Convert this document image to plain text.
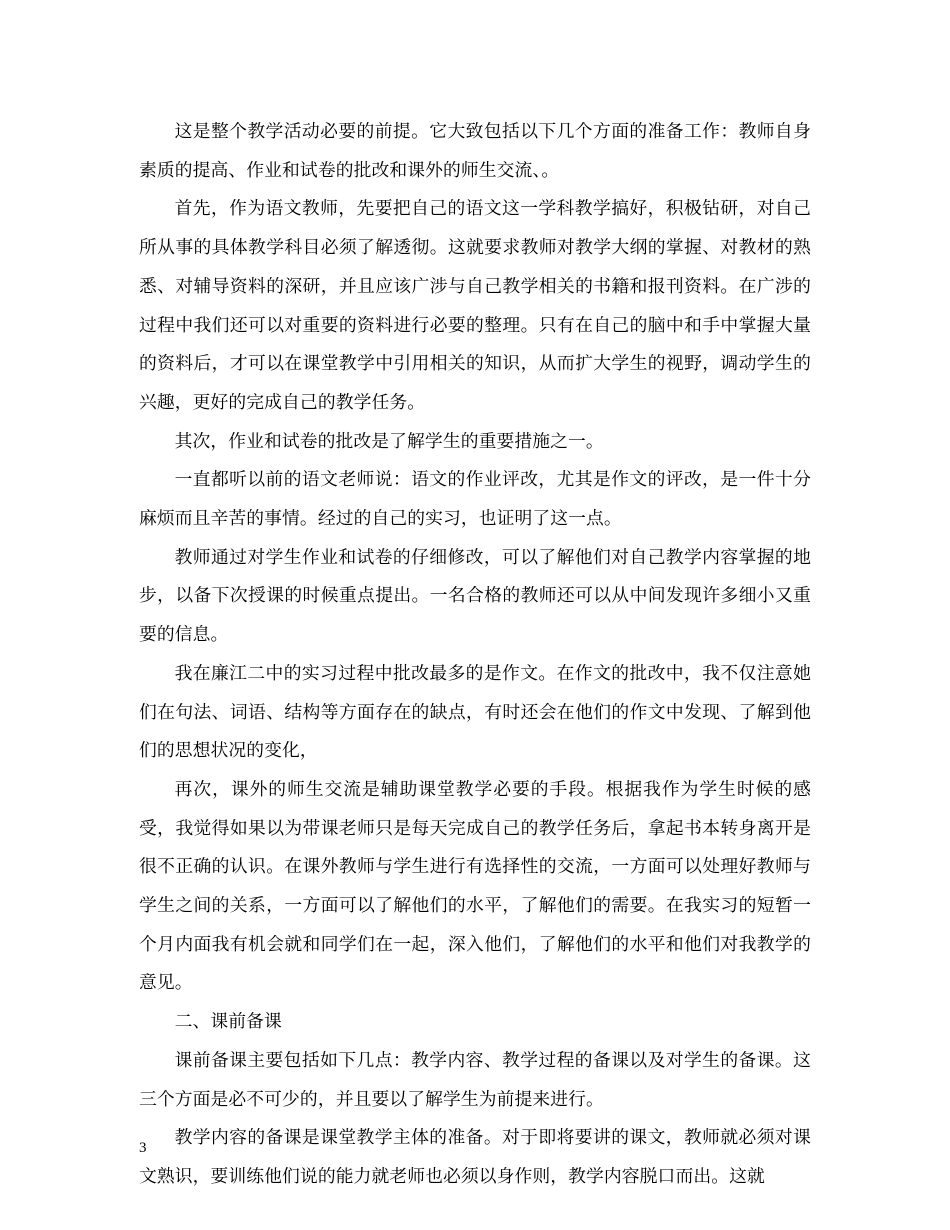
这是整个教学活动必要的前提。它大致包括以下几个方面的准备工作：教师自身素质的提高、作业和试卷的批改和课外的师生交流、。

首先，作为语文教师，先要把自己的语文这一学科教学搞好，积极钻研，对自己所从事的具体教学科目必须了解透彻。这就要求教师对教学大纲的掌握、对教材的熟悉、对辅导资料的深研，并且应该广涉与自己教学相关的书籍和报刊资料。在广涉的过程中我们还可以对重要的资料进行必要的整理。只有在自己的脑中和手中掌握大量的资料后，才可以在课堂教学中引用相关的知识，从而扩大学生的视野，调动学生的兴趣，更好的完成自己的教学任务。

其次，作业和试卷的批改是了解学生的重要措施之一。

一直都听以前的语文老师说：语文的作业评改，尤其是作文的评改，是一件十分麻烦而且辛苦的事情。经过的自己的实习，也证明了这一点。

教师通过对学生作业和试卷的仔细修改，可以了解他们对自己教学内容掌握的地步，以备下次授课的时候重点提出。一名合格的教师还可以从中间发现许多细小又重要的信息。

我在廉江二中的实习过程中批改最多的是作文。在作文的批改中，我不仅注意她们在句法、词语、结构等方面存在的缺点，有时还会在他们的作文中发现、了解到他们的思想状况的变化，

再次，课外的师生交流是辅助课堂教学必要的手段。根据我作为学生时候的感受，我觉得如果以为带课老师只是每天完成自己的教学任务后，拿起书本转身离开是很不正确的认识。在课外教师与学生进行有选择性的交流，一方面可以处理好教师与学生之间的关系，一方面可以了解他们的水平，了解他们的需要。在我实习的短暂一个月内面我有机会就和同学们在一起，深入他们，了解他们的水平和他们对我教学的意见。

二、课前备课

课前备课主要包括如下几点：教学内容、教学过程的备课以及对学生的备课。这三个方面是必不可少的，并且要以了解学生为前提来进行。

教学内容的备课是课堂教学主体的准备。对于即将要讲的课文，教师就必须对课文熟识，要训练他们说的能力就老师也必须以身作则，教学内容脱口而出。这就

3
